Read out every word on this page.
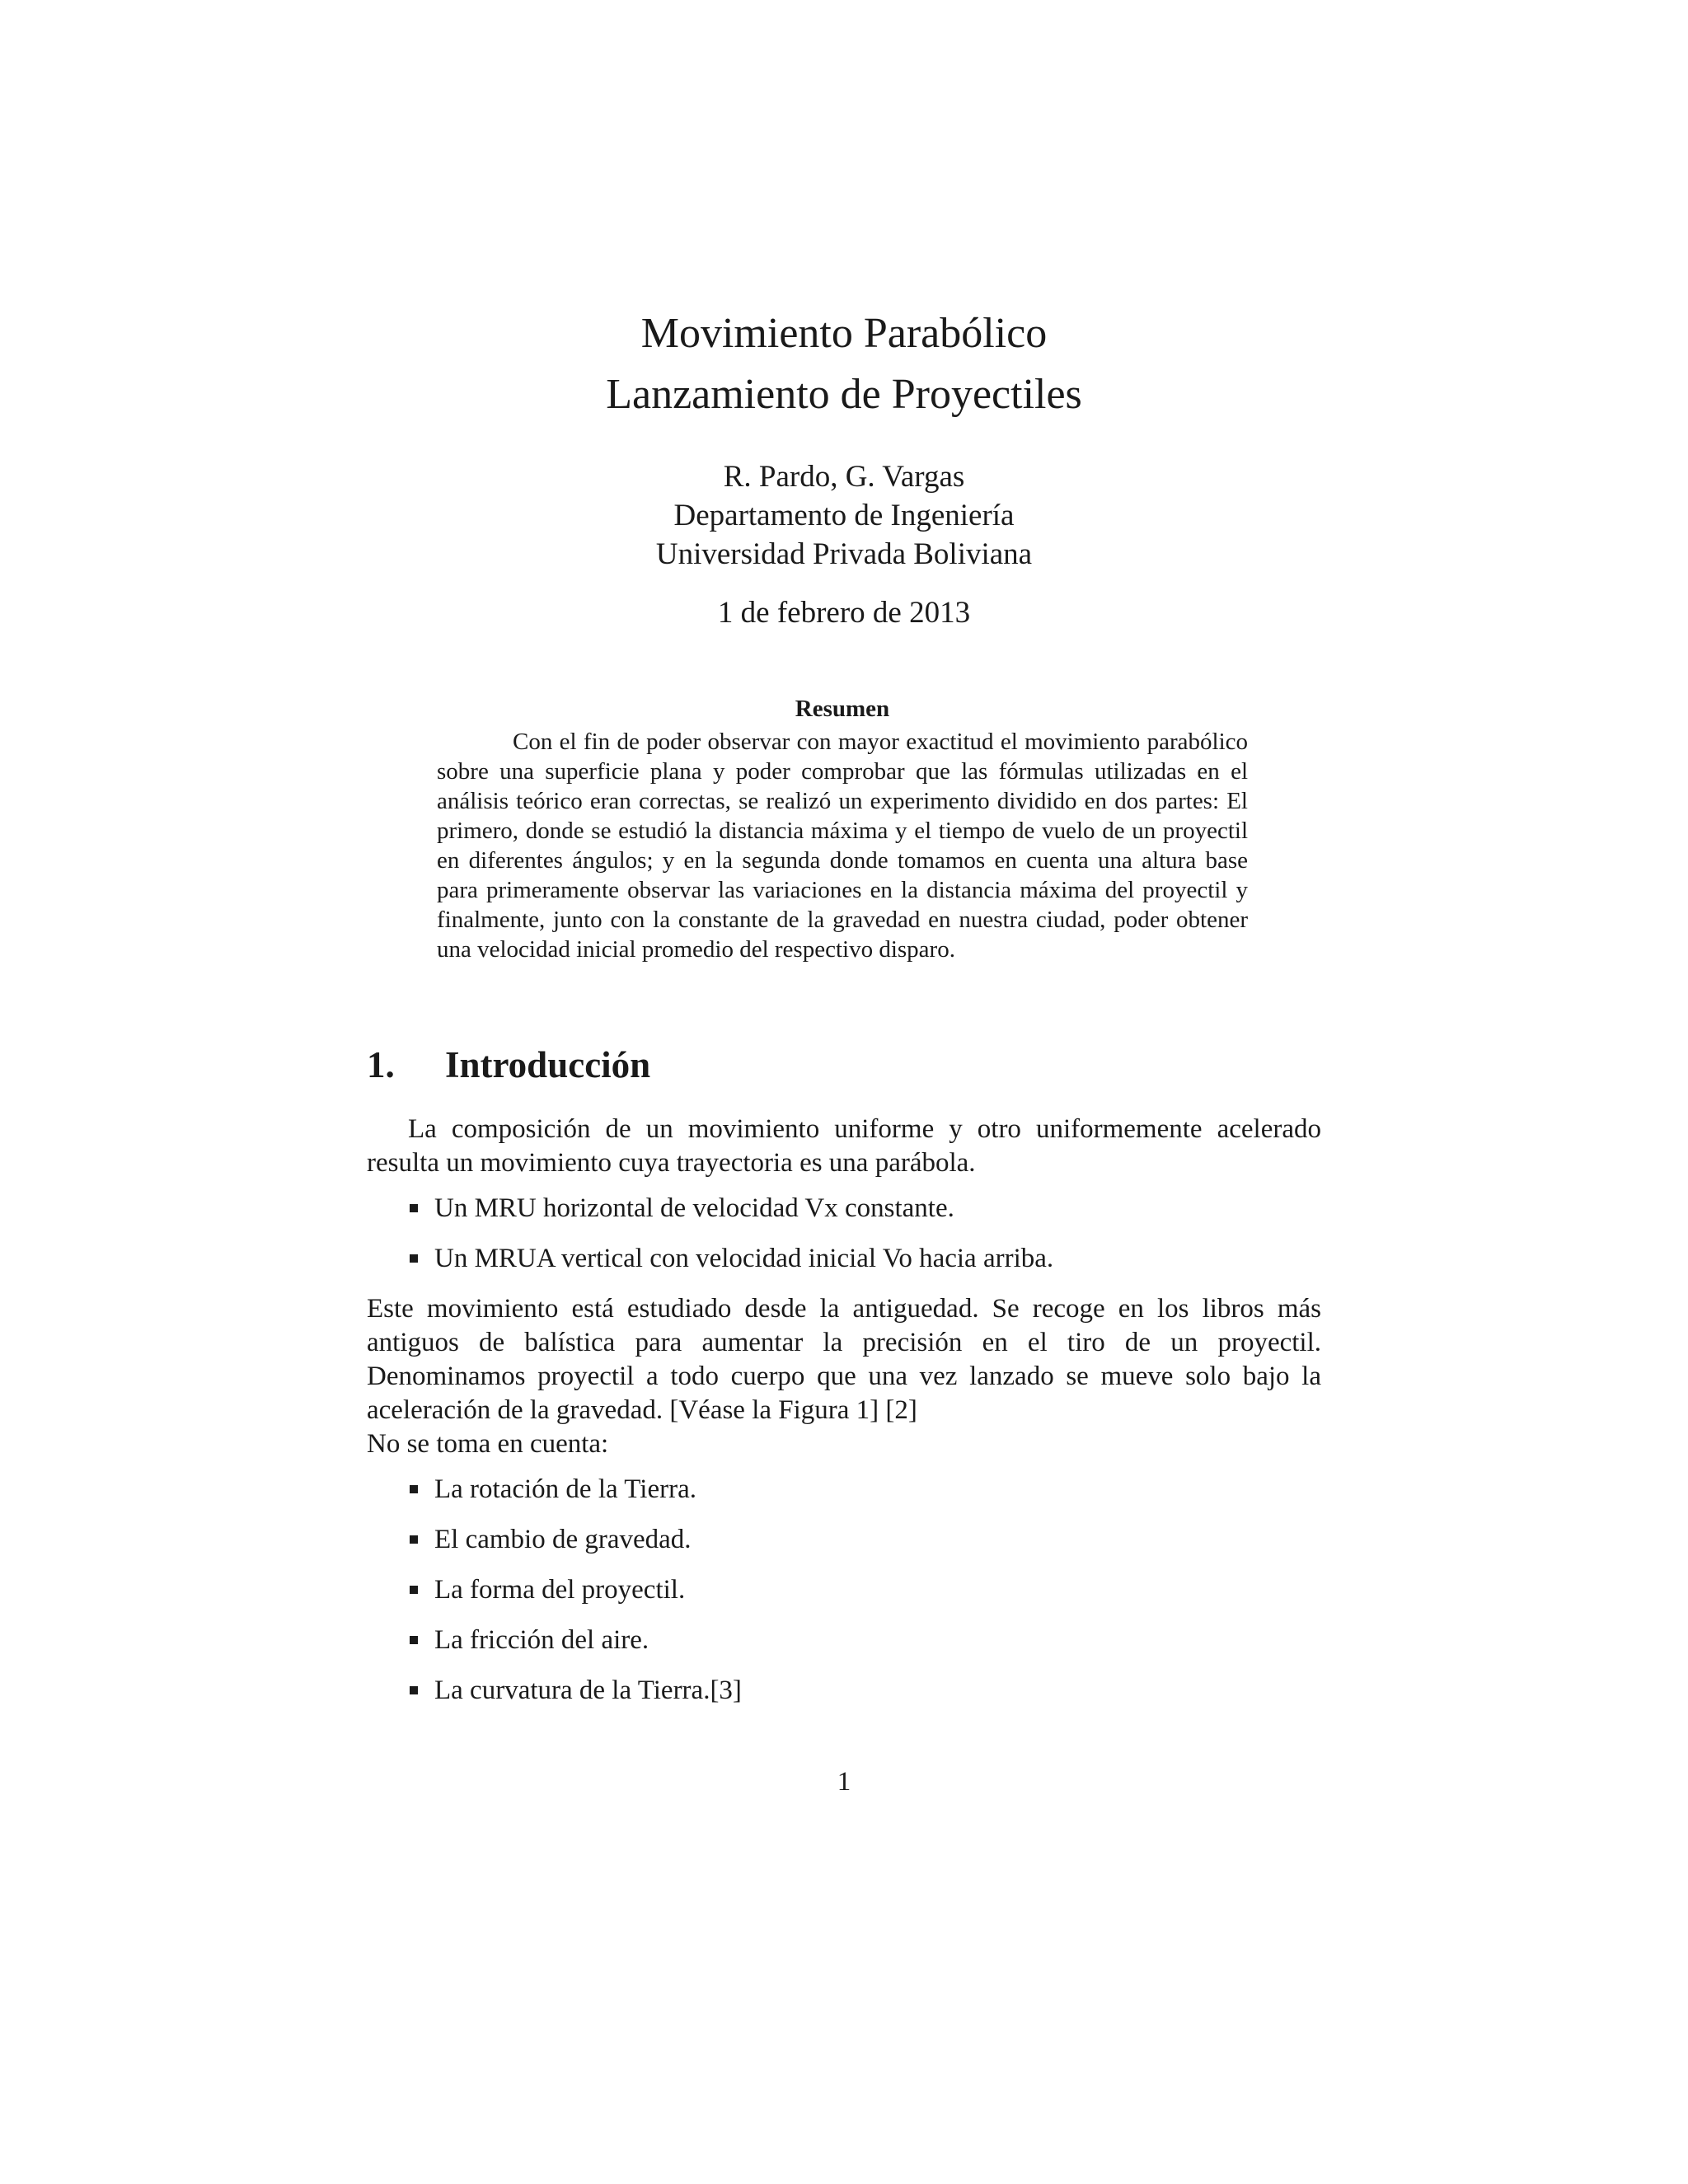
Movimiento Parabólico

Lanzamiento de Proyectiles

R. Pardo, G. Vargas
Departamento de Ingeniería
Universidad Privada Boliviana
1 de febrero de 2013
Resumen

Con el fin de poder observar con mayor exactitud el movimiento parabólico sobre una superficie plana y poder comprobar que las fórmulas utilizadas en el análisis teórico eran correctas, se realizó un experimento dividido en dos partes: El primero, donde se estudió la distancia máxima y el tiempo de vuelo de un proyectil en diferentes ángulos; y en la segunda donde tomamos en cuenta una altura base para primeramente observar las variaciones en la distancia máxima del proyectil y finalmente, junto con la constante de la gravedad en nuestra ciudad, poder obtener una velocidad inicial promedio del respectivo disparo.

1.	Introducción

La composición de un movimiento uniforme y otro uniformemente acelerado resulta un movimiento cuya trayectoria es una parábola.

Un MRU horizontal de velocidad Vx constante.
Un MRUA vertical con velocidad inicial Vo hacia arriba.

Este movimiento está estudiado desde la antiguedad. Se recoge en los libros más antiguos de balística para aumentar la precisión en el tiro de un proyectil. Denominamos proyectil a todo cuerpo que una vez lanzado se mueve solo bajo la aceleración de la gravedad. [Véase la Figura 1] [2]

No se toma en cuenta:

La rotación de la Tierra.
El cambio de gravedad.
La forma del proyectil.
La fricción del aire.
La curvatura de la Tierra.[3]
1
